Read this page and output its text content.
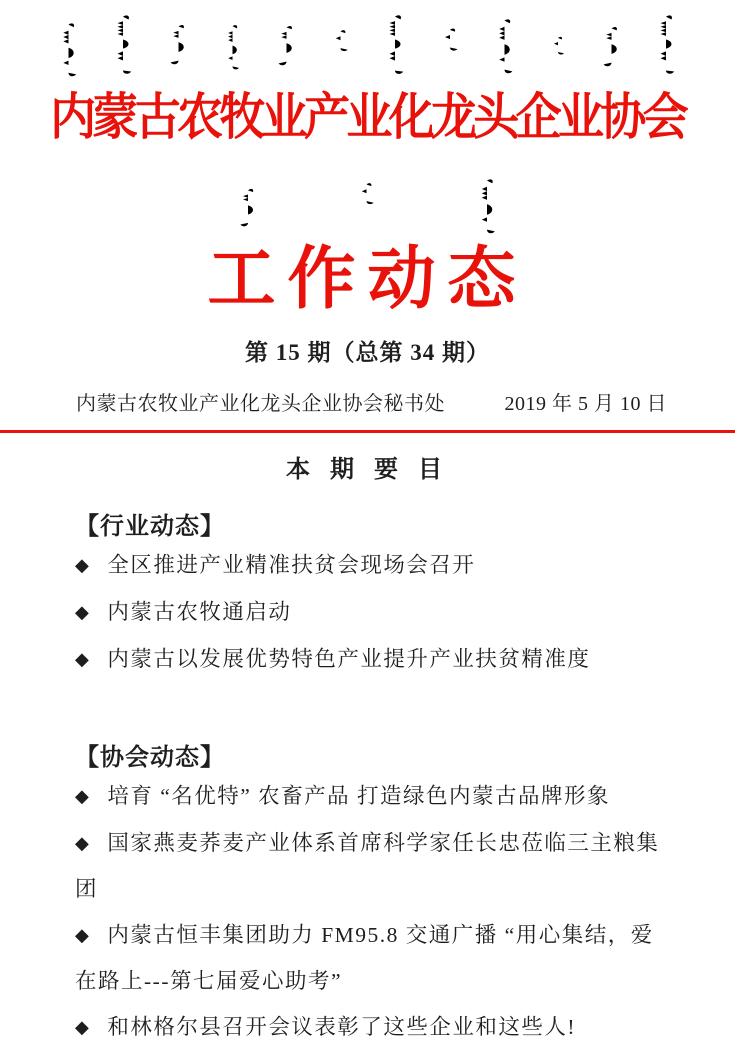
内蒙古农牧业产业化龙头企业协会
工作动态
第 15 期（总第 34 期）
内蒙古农牧业产业化龙头企业协会秘书处	2019 年 5 月 10 日
本 期 要 目
【行业动态】
◆ 全区推进产业精准扶贫会现场会召开
◆ 内蒙古农牧通启动
◆ 内蒙古以发展优势特色产业提升产业扶贫精准度
【协会动态】
◆ 培育 “名优特” 农畜产品 打造绿色内蒙古品牌形象
◆ 国家燕麦荞麦产业体系首席科学家任长忠莅临三主粮集团
◆ 内蒙古恒丰集团助力 FM95.8 交通广播 “用心集结，爱在路上---第七届爱心助考”
◆ 和林格尔县召开会议表彰了这些企业和这些人!
